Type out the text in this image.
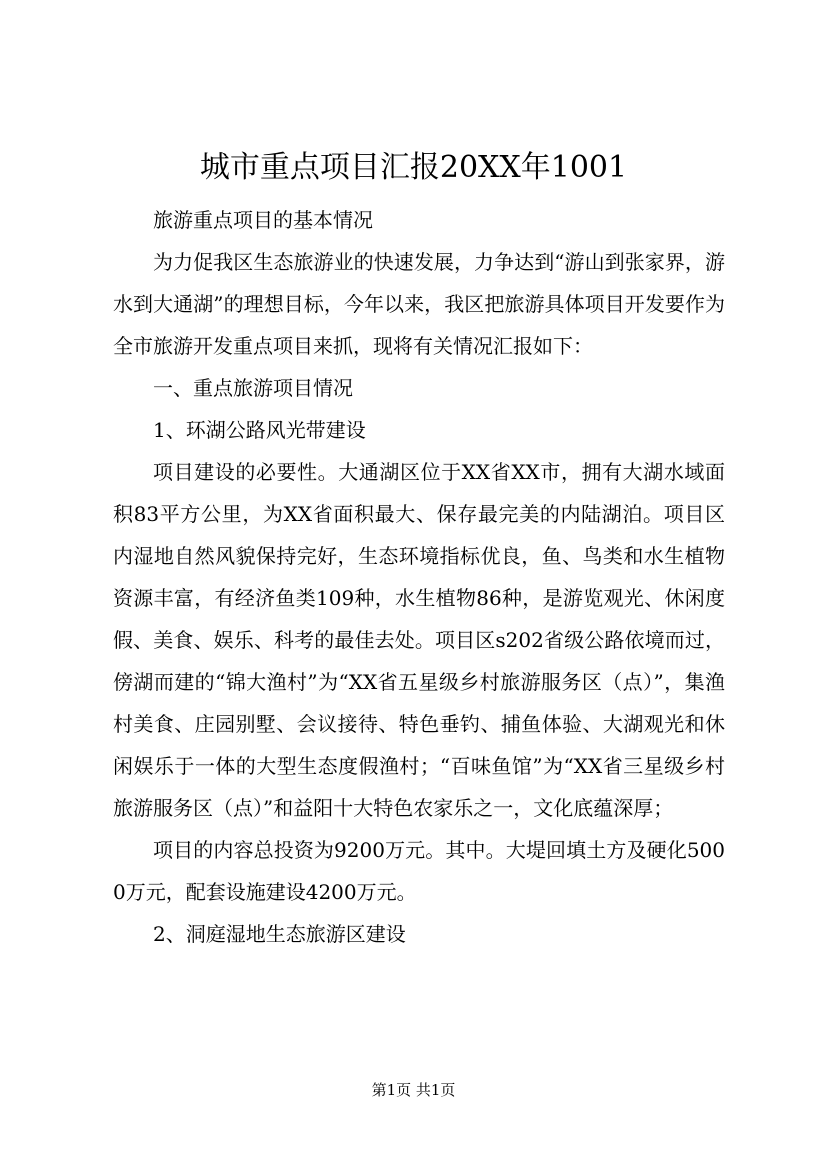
城市重点项目汇报20XX年1001

旅游重点项目的基本情况

为力促我区生态旅游业的快速发展，力争达到“游山到张家界，游水到大通湖”的理想目标，今年以来，我区把旅游具体项目开发要作为全市旅游开发重点项目来抓，现将有关情况汇报如下：

一、重点旅游项目情况

1、环湖公路风光带建设

项目建设的必要性。大通湖区位于XX省XX市，拥有大湖水域面积83平方公里，为XX省面积最大、保存最完美的内陆湖泊。项目区内湿地自然风貌保持完好，生态环境指标优良，鱼、鸟类和水生植物资源丰富，有经济鱼类109种，水生植物86种，是游览观光、休闲度假、美食、娱乐、科考的最佳去处。项目区s202省级公路依境而过，傍湖而建的“锦大渔村”为“XX省五星级乡村旅游服务区（点）”，集渔村美食、庄园别墅、会议接待、特色垂钓、捕鱼体验、大湖观光和休闲娱乐于一体的大型生态度假渔村；“百味鱼馆”为“XX省三星级乡村旅游服务区（点）”和益阳十大特色农家乐之一，文化底蕴深厚；

项目的内容总投资为9200万元。其中。大堤回填土方及硬化5000万元，配套设施建设4200万元。

2、洞庭湿地生态旅游区建设

第1页 共1页
